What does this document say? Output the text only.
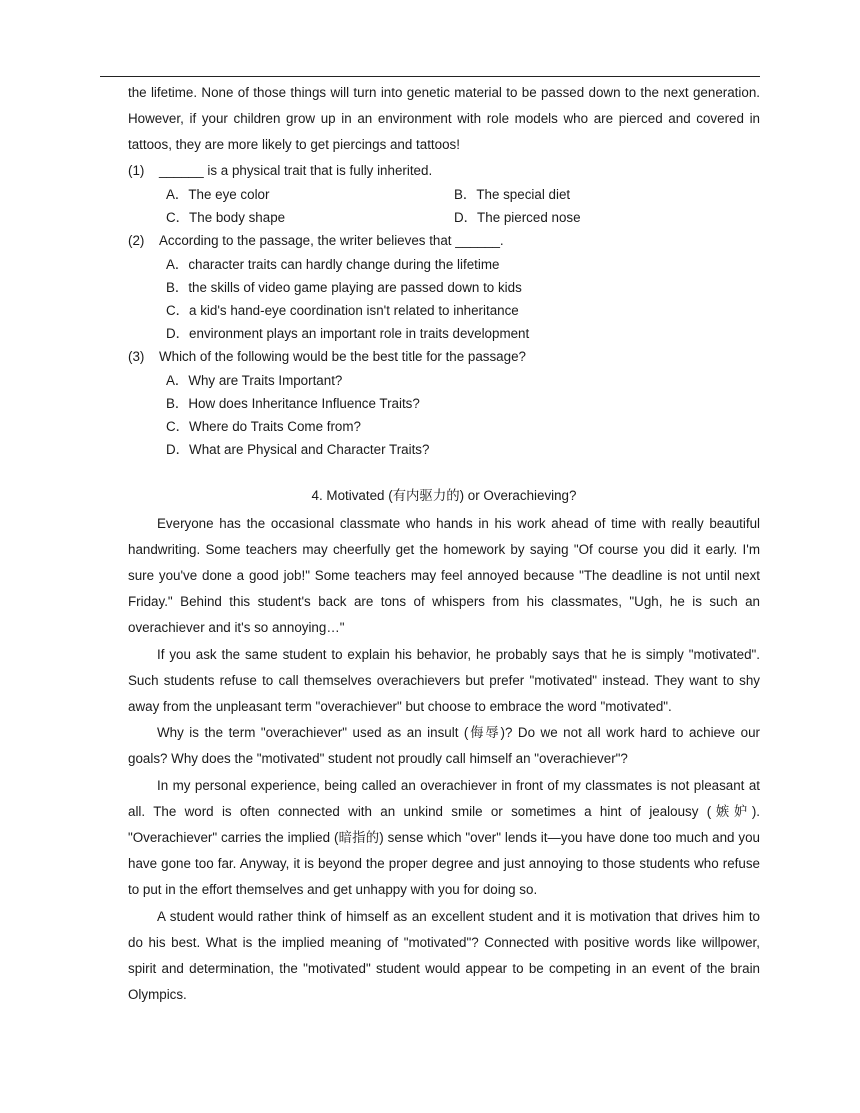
the lifetime. None of those things will turn into genetic material to be passed down to the next generation. However, if your children grow up in an environment with role models who are pierced and covered in tattoos, they are more likely to get piercings and tattoos!

(1)	______ is a physical trait that is fully inherited.

A．The eye color	B．The special diet
C．The body shape	D．The pierced nose

(2)	According to the passage, the writer believes that ______.

A．character traits can hardly change during the lifetime
B．the skills of video game playing are passed down to kids
C．a kid's hand-eye coordination isn't related to inheritance
D．environment plays an important role in traits development

(3)	Which of the following would be the best title for the passage?

A．Why are Traits Important?
B．How does Inheritance Influence Traits?
C．Where do Traits Come from?
D．What are Physical and Character Traits?
4. Motivated (有内驱力的) or Overachieving?

Everyone has the occasional classmate who hands in his work ahead of time with really beautiful handwriting. Some teachers may cheerfully get the homework by saying "Of course you did it early. I'm sure you've done a good job!" Some teachers may feel annoyed because "The deadline is not until next Friday." Behind this student's back are tons of whispers from his classmates, "Ugh, he is such an overachiever and it's so annoying…"

If you ask the same student to explain his behavior, he probably says that he is simply "motivated". Such students refuse to call themselves overachievers but prefer "motivated" instead. They want to shy away from the unpleasant term "overachiever" but choose to embrace the word "motivated".

Why is the term "overachiever" used as an insult (侮辱)? Do we not all work hard to achieve our goals? Why does the "motivated" student not proudly call himself an "overachiever"?

In my personal experience, being called an overachiever in front of my classmates is not pleasant at all. The word is often connected with an unkind smile or sometimes a hint of jealousy (嫉妒). "Overachiever" carries the implied (暗指的) sense which "over" lends it—you have done too much and you have gone too far. Anyway, it is beyond the proper degree and just annoying to those students who refuse to put in the effort themselves and get unhappy with you for doing so.

A student would rather think of himself as an excellent student and it is motivation that drives him to do his best. What is the implied meaning of "motivated"? Connected with positive words like willpower, spirit and determination, the "motivated" student would appear to be competing in an event of the brain Olympics.
